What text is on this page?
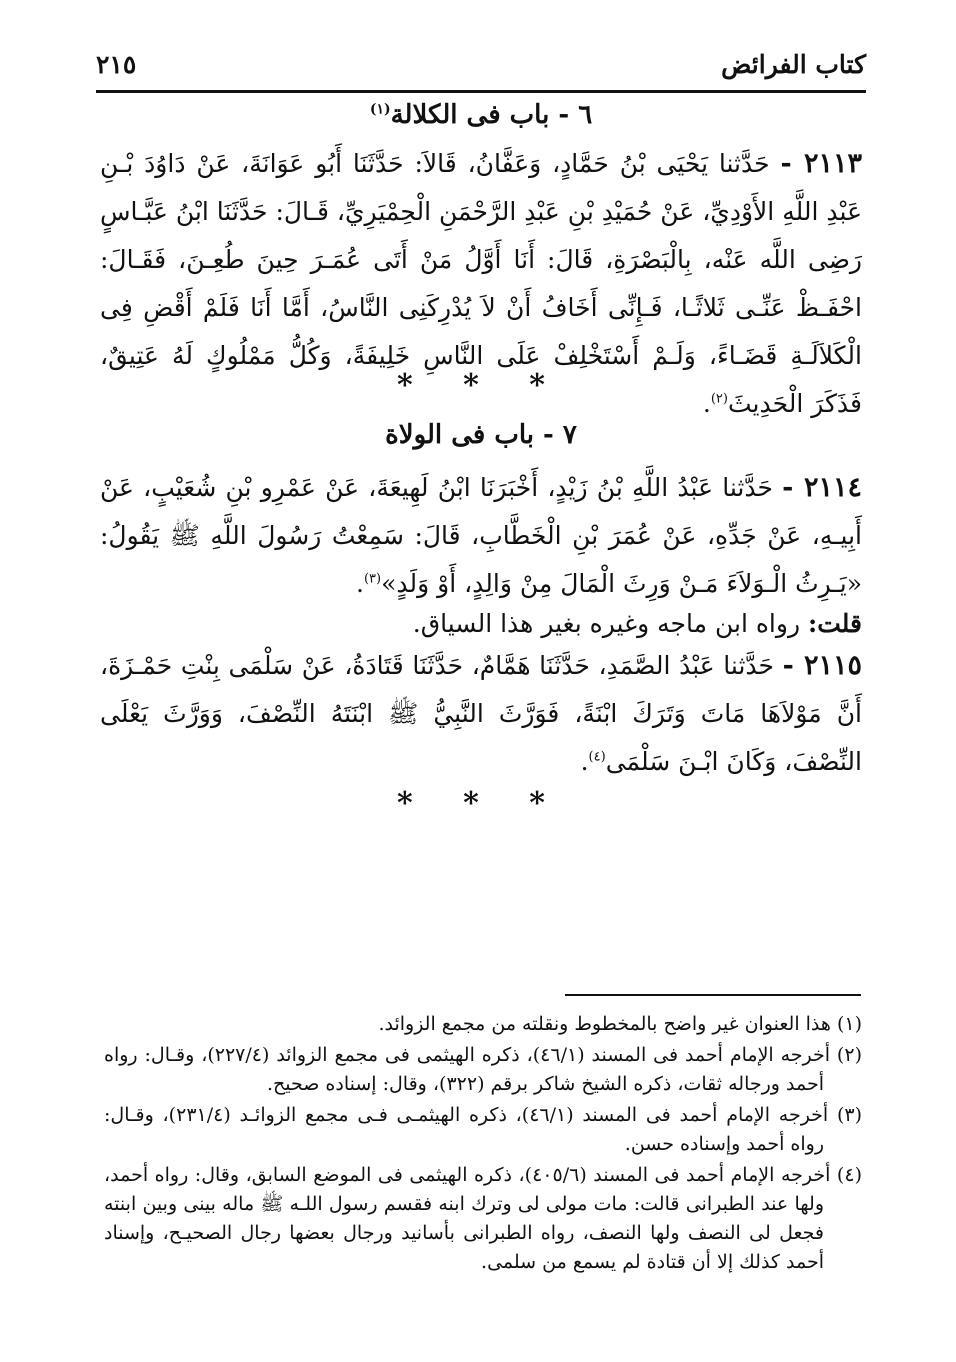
كتاب الفرائض
٢١٥
٦ - باب فى الكلالة$^{(١)}$
٢١١٣ - حَدَّثنا يَحْيَى بْنُ حَمَّادٍ، وَعَفَّانُ، قَالاَ: حَدَّثَنَا أَبُو عَوَانَةَ، عَنْ دَاوُدَ بْـنِ عَبْدِ اللَّهِ الأَوْدِيِّ، عَنْ حُمَيْدِ بْنِ عَبْدِ الرَّحْمَنِ الْحِمْيَرِيِّ، قَـالَ: حَدَّثَنَا ابْنُ عَبَّـاسٍ رَضِى اللَّه عَنْه، بِالْبَصْرَةِ، قَالَ: أَنَا أَوَّلُ مَنْ أَتَى عُمَـرَ حِينَ طُعِـنَ، فَقَـالَ: احْفَـظْ عَنِّـى ثَلاثًـا، فَـإِنِّى أَخَافُ أَنْ لاَ يُدْرِكَنِى النَّاسُ، أَمَّا أَنَا فَلَمْ أَقْضِ فِى الْكَلاَلَـةِ قَضَـاءً، وَلَـمْ أَسْتَخْلِفْ عَلَى النَّاسِ خَلِيفَةً، وَكُلُّ مَمْلُوكٍ لَهُ عَتِيقٌ، فَذَكَرَ الْحَدِيثَ$^{(٢)}$.
* * *
٧ - باب فى الولاة
٢١١٤ - حَدَّثنا عَبْدُ اللَّهِ بْنُ زَيْدٍ، أَخْبَرَنَا ابْنُ لَهِيعَةَ، عَنْ عَمْرِو بْنِ شُعَيْبٍ، عَنْ أَبِيـهِ، عَنْ جَدِّهِ، عَنْ عُمَرَ بْنِ الْخَطَّابِ، قَالَ: سَمِعْتُ رَسُولَ اللَّهِ ﷺ يَقُولُ: «يَـرِثُ الْـوَلاَءَ مَـنْ وَرِثَ الْمَالَ مِنْ وَالِدٍ، أَوْ وَلَدٍ»$^{(٣)}$.
قلت: رواه ابن ماجه وغيره بغير هذا السياق.
٢١١٥ - حَدَّثنا عَبْدُ الصَّمَدِ، حَدَّثَنَا هَمَّامٌ، حَدَّثَنَا قَتَادَةُ، عَنْ سَلْمَى بِنْتِ حَمْـزَةَ، أَنَّ مَوْلاَهَا مَاتَ وَتَرَكَ ابْنَةً، فَوَرَّثَ النَّبِيُّ ﷺ ابْنَتَهُ النِّصْفَ، وَوَرَّثَ يَعْلَى النِّصْفَ، وَكَانَ ابْـنَ سَلْمَى$^{(٤)}$.
* * *

(١) هذا العنوان غير واضح بالمخطوط ونقلته من مجمع الزوائد.

(٢) أخرجه الإمام أحمد فى المسند (٤٦/١)، ذكره الهيثمى فى مجمع الزوائد (٢٢٧/٤)، وقـال: رواه أحمد ورجاله ثقات، ذكره الشيخ شاكر برقم (٣٢٢)، وقال: إسناده صحيح.

(٣) أخرجه الإمام أحمد فى المسند (٤٦/١)، ذكره الهيثمـى فـى مجمع الزوائـد (٢٣١/٤)، وقـال: رواه أحمد وإسناده حسن.

(٤) أخرجه الإمام أحمد فى المسند (٤٠٥/٦)، ذكره الهيثمى فى الموضع السابق، وقال: رواه أحمد، ولها عند الطبرانى قالت: مات مولى لى وترك ابنه فقسم رسول اللـه ﷺ ماله بينى وبين ابنته فجعل لى النصف ولها النصف، رواه الطبرانى بأسانيد ورجال بعضها رجال الصحيـح، وإسناد أحمد كذلك إلا أن قتادة لم يسمع من سلمى.
